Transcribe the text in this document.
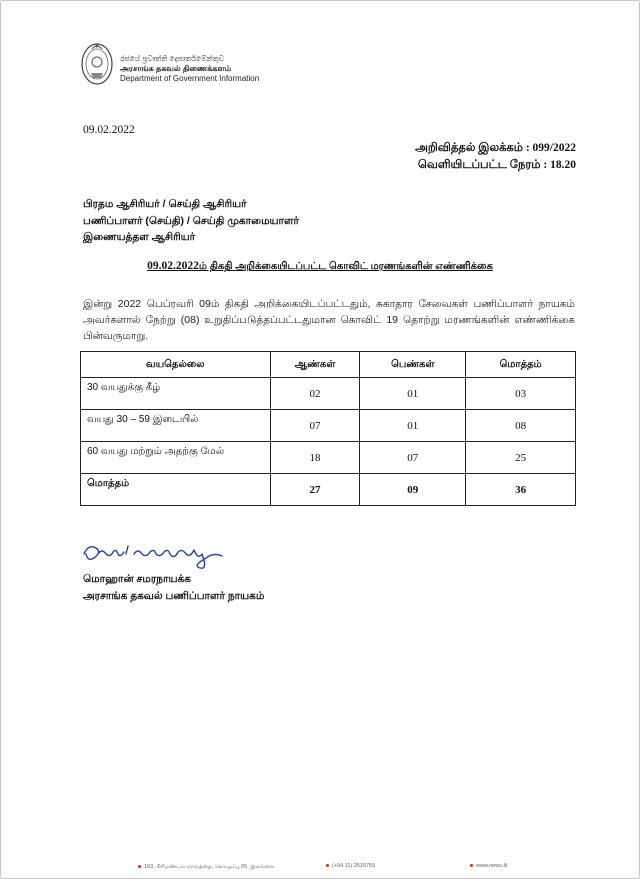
රජයේ ප්‍රවෘත්ති දෙපාර්තමේන්තුව
அரசாங்க தகவல் திணைக்களம்
Department of Government Information
09.02.2022
அறிவித்தல் இலக்கம் : 099/2022
வெளியிடப்பட்ட நேரம் : 18.20
பிரதம ஆசிரியர் / செய்தி ஆசிரியர்
பணிப்பாளர் (செய்தி) / செய்தி முகாமையாளர்
இணையத்தள ஆசிரியர்
09.02.2022ம் திகதி அறிக்கையிடப்பட்ட கொவிட் மரணங்களின் எண்ணிக்கை
இன்று 2022 பெப்ரவரி 09ம் திகதி அறிக்கையிடப்பட்டதும், சுகாதார சேவைகள் பணிப்பாளர் நாயகம் அவர்களால் நேற்று (08) உறுதிப்படுத்தப்பட்டதுமான கொவிட் 19 தொற்று மரணங்களின் எண்ணிக்கை பின்வருமாறு.
வயதெல்லை	ஆண்கள்	பெண்கள்	மொத்தம்
30 வயதுக்கு கீழ்	02	01	03
வயது 30 – 59 இடையில்	07	01	08
60 வயது மற்றும் அதற்கு மேல்	18	07	25
மொத்தம்	27	09	36
மொஹான் சமரநாயக்க
அரசாங்க தகவல் பணிப்பாளர் நாயகம்
163, கிரிமண்டல மாவத்தை, கொழும்பு 05, இலங்கை	(+94 11) 2515759	www.news.lk
